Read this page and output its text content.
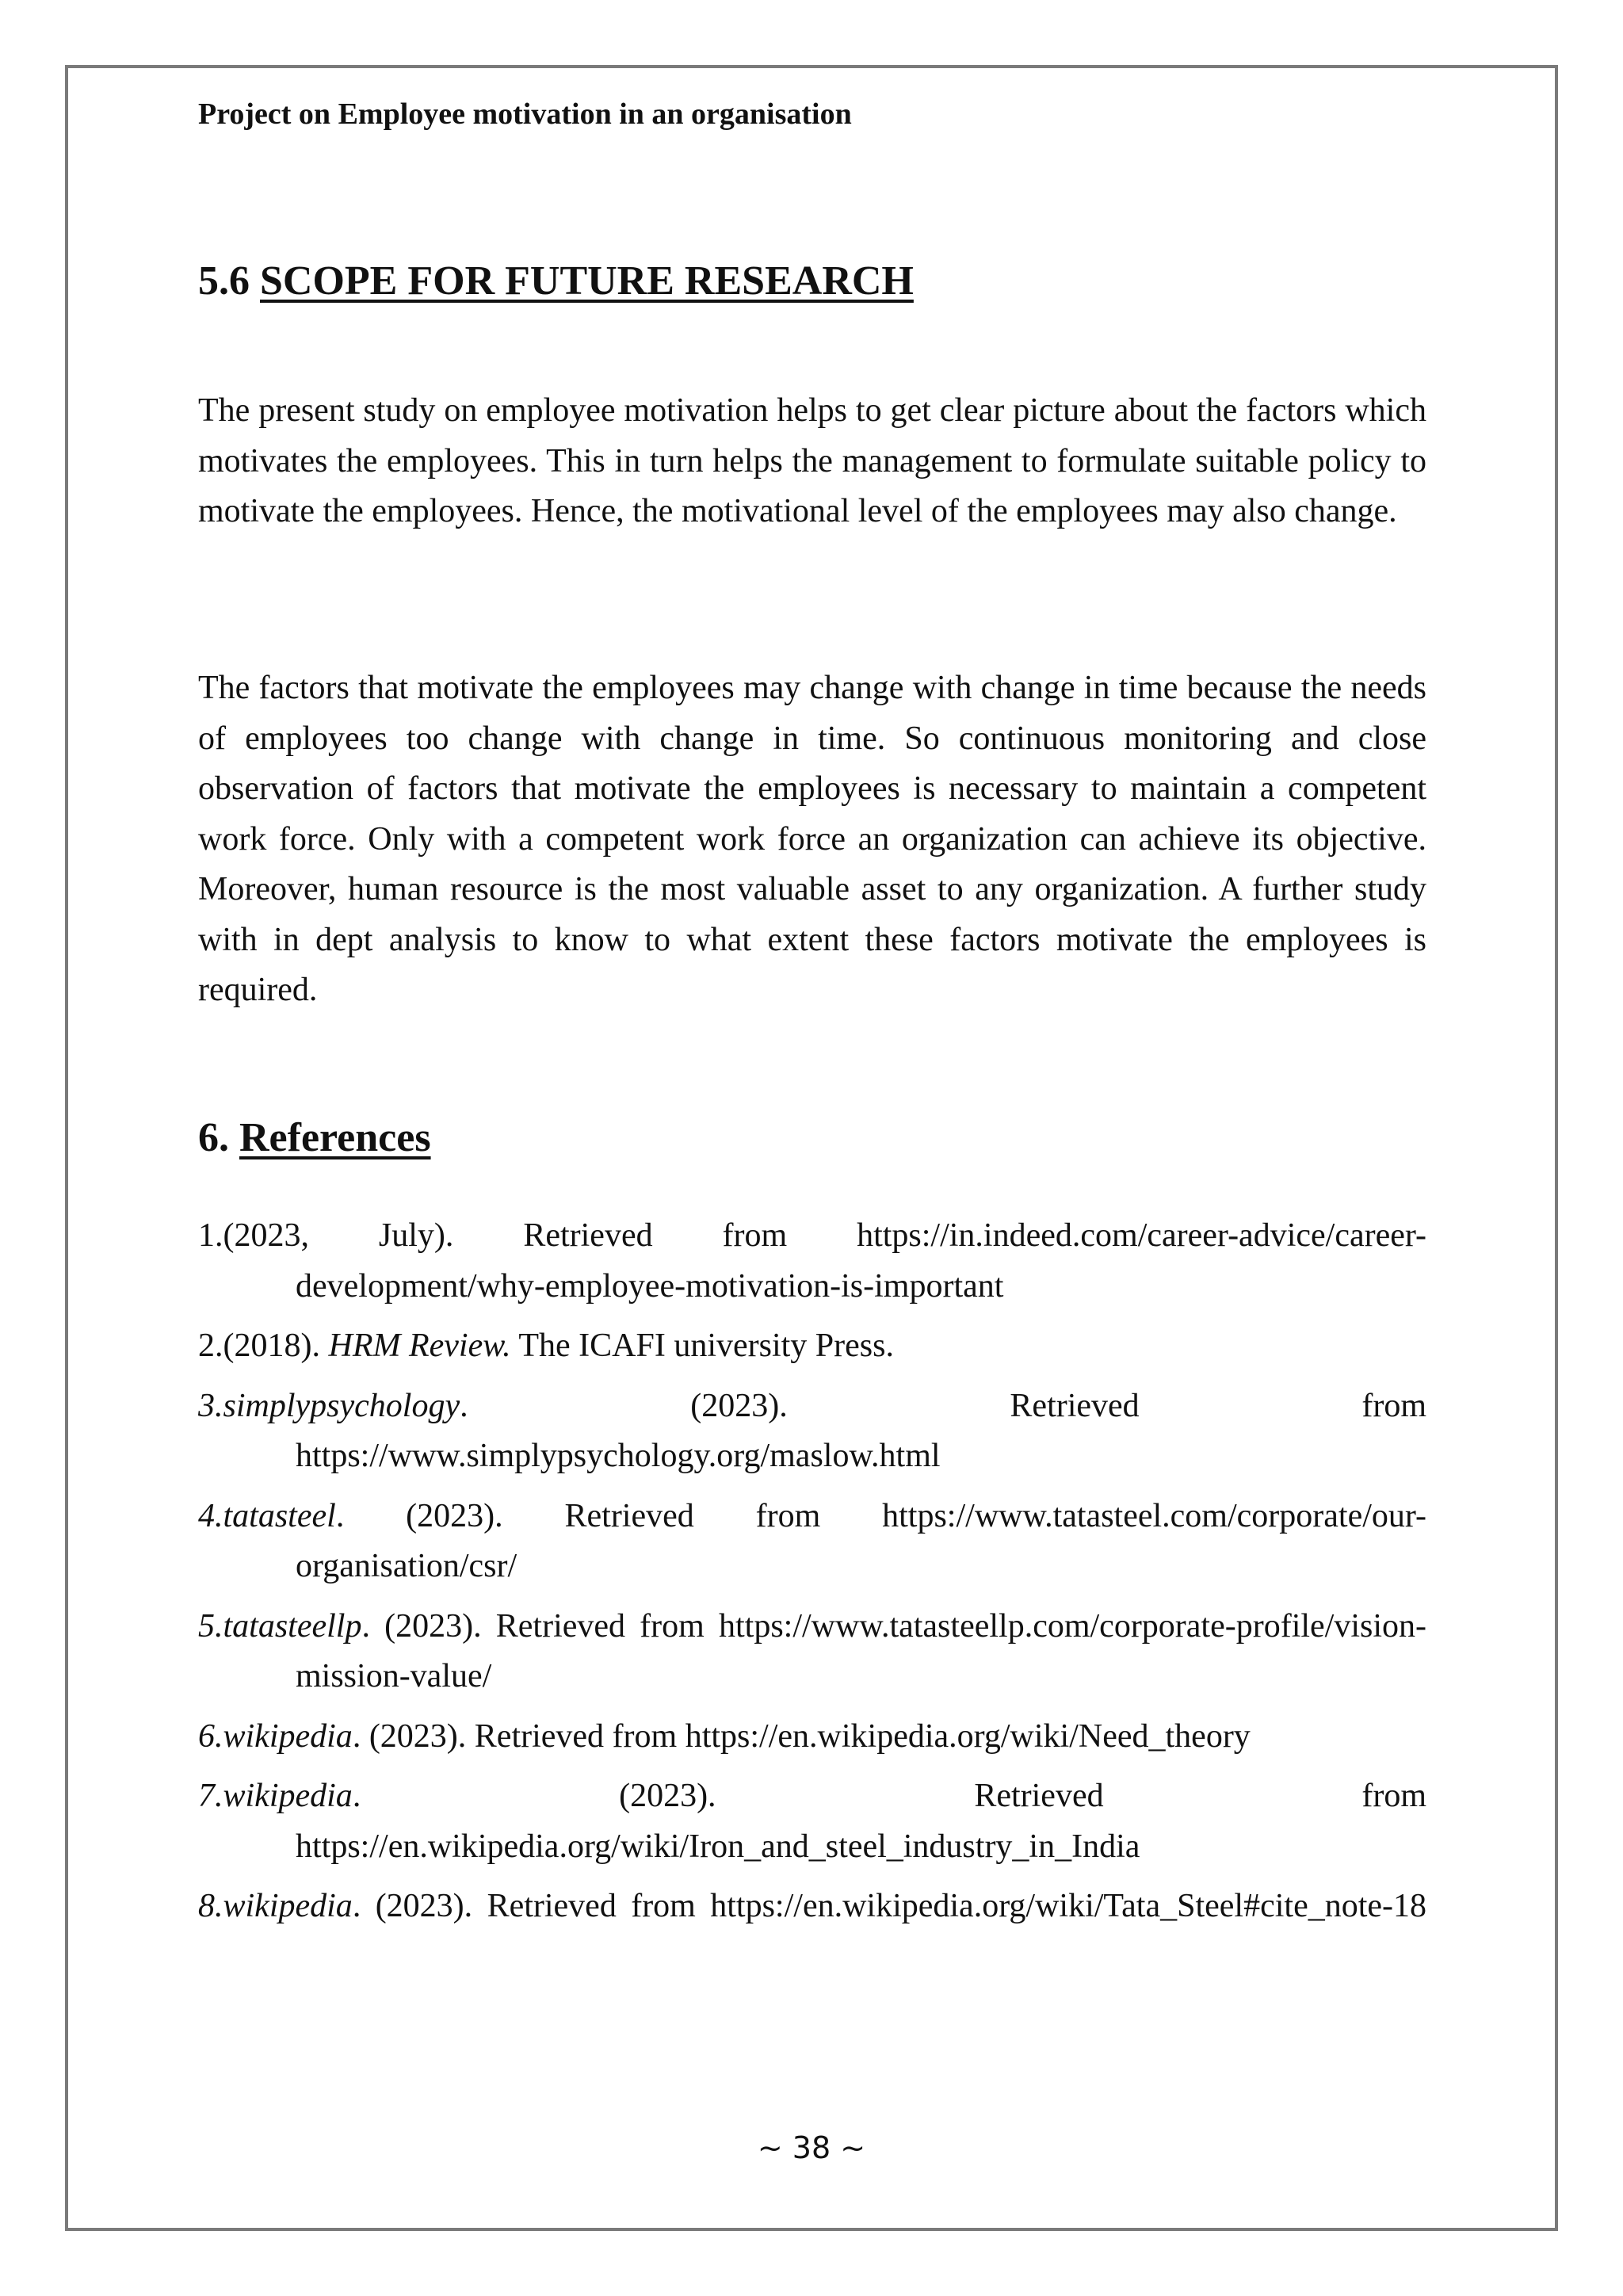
Project on Employee motivation in an organisation

5.6 SCOPE FOR FUTURE RESEARCH

The present study on employee motivation helps to get clear picture about the factors which motivates the employees. This in turn helps the management to formulate suitable policy to motivate the employees. Hence, the motivational level of the employees may also change.

The factors that motivate the employees may change with change in time because the needs of employees too change with change in time. So continuous monitoring and close observation of factors that motivate the employees is necessary to maintain a competent work force. Only with a competent work force an organization can achieve its objective. Moreover, human resource is the most valuable asset to any organization. A further study with in dept analysis to know to what extent these factors motivate the employees is required.

6. References
1.(2023, July). Retrieved from https://in.indeed.com/career-advice/career-development/why-employee-motivation-is-important
2.(2018). HRM Review. The ICAFI university Press.
3.simplypsychology. (2023).	Retrieved from https://www.simplypsychology.org/maslow.html
4.tatasteel. (2023). Retrieved from https://www.tatasteel.com/corporate/our-organisation/csr/
5.tatasteellp. (2023). Retrieved from https://www.tatasteellp.com/corporate-profile/vision-mission-value/
6.wikipedia. (2023). Retrieved from https://en.wikipedia.org/wiki/Need_theory
7.wikipedia. (2023).	Retrieved from https://en.wikipedia.org/wiki/Iron_and_steel_industry_in_India
8.wikipedia. (2023). Retrieved from https://en.wikipedia.org/wiki/Tata_Steel#cite_note-18

~ 38 ~
